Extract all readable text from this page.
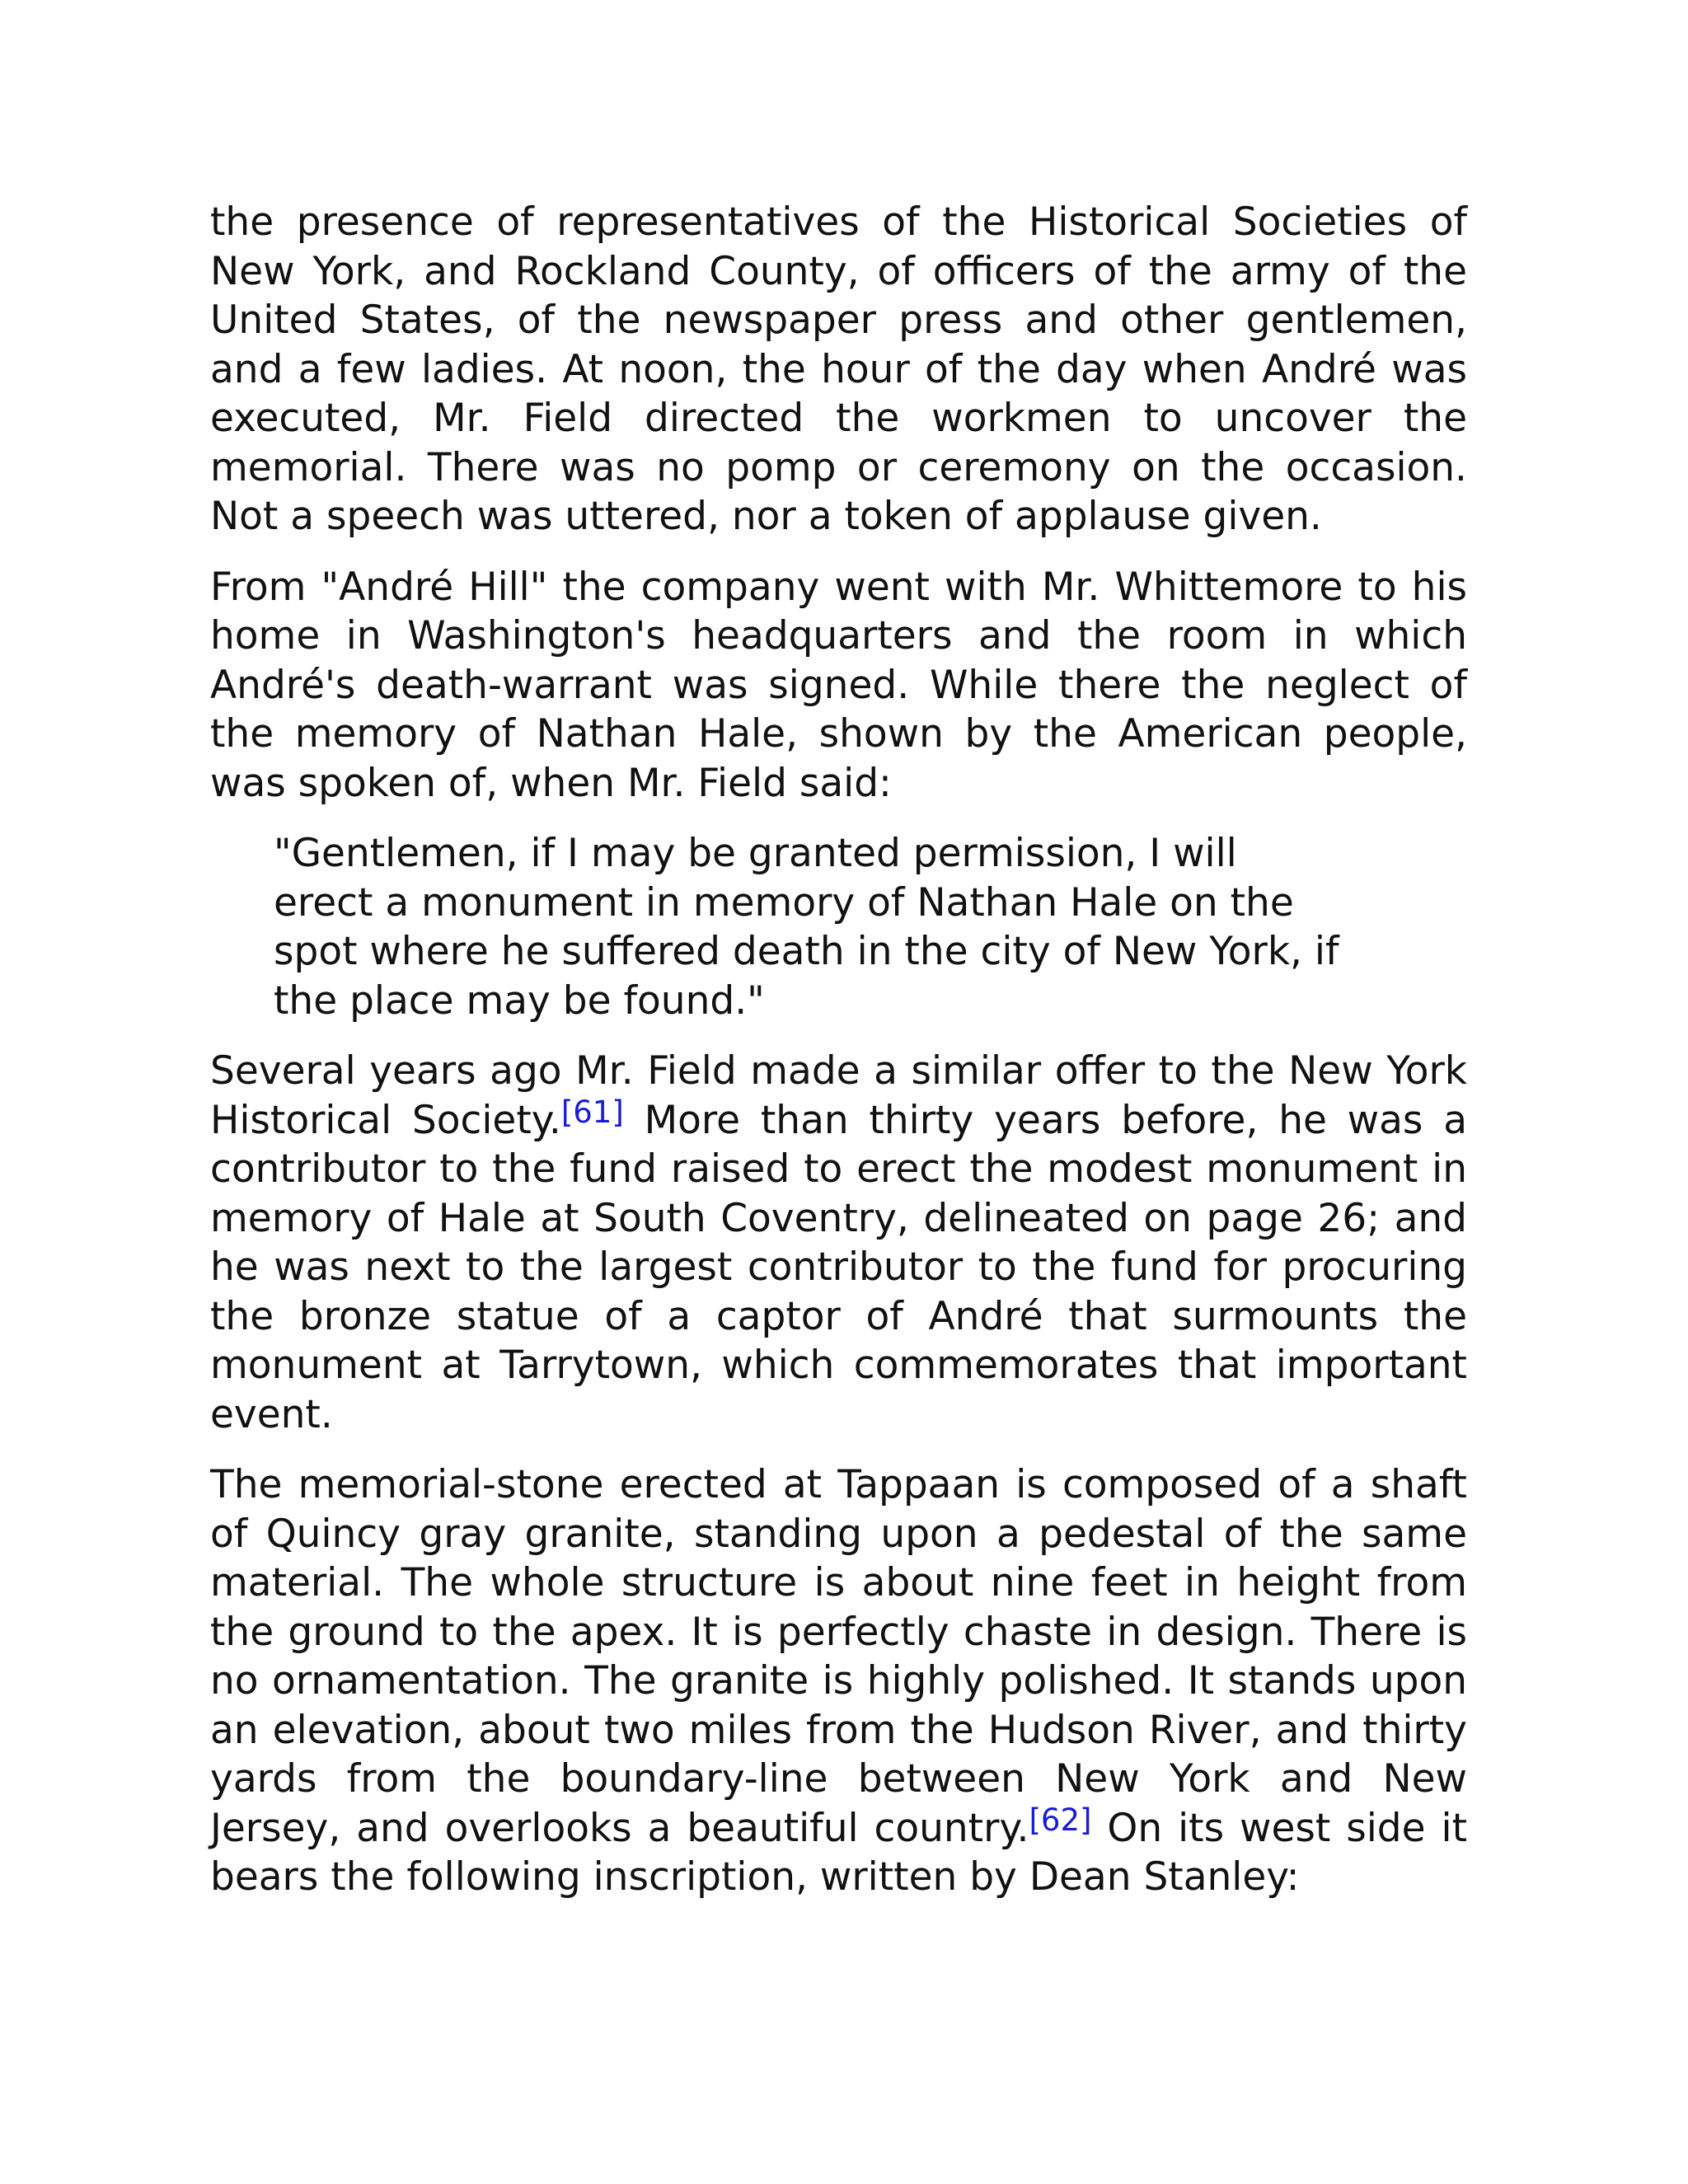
the presence of representatives of the Historical Societies of New York, and Rockland County, of officers of the army of the United States, of the newspaper press and other gentlemen, and a few ladies. At noon, the hour of the day when André was executed, Mr. Field directed the workmen to uncover the memorial. There was no pomp or ceremony on the occasion. Not a speech was uttered, nor a token of applause given.

From "André Hill" the company went with Mr. Whittemore to his home in Washington's headquarters and the room in which André's death-warrant was signed. While there the neglect of the memory of Nathan Hale, shown by the American people, was spoken of, when Mr. Field said:

"Gentlemen, if I may be granted permission, I will erect a monument in memory of Nathan Hale on the spot where he suffered death in the city of New York, if the place may be found."

Several years ago Mr. Field made a similar offer to the New York Historical Society.[61] More than thirty years before, he was a contributor to the fund raised to erect the modest monument in memory of Hale at South Coventry, delineated on page 26; and he was next to the largest contributor to the fund for procuring the bronze statue of a captor of André that surmounts the monument at Tarrytown, which commemorates that important event.

The memorial-stone erected at Tappaan is composed of a shaft of Quincy gray granite, standing upon a pedestal of the same material. The whole structure is about nine feet in height from the ground to the apex. It is perfectly chaste in design. There is no ornamentation. The granite is highly polished. It stands upon an elevation, about two miles from the Hudson River, and thirty yards from the boundary-line between New York and New Jersey, and overlooks a beautiful country.[62] On its west side it bears the following inscription, written by Dean Stanley:
